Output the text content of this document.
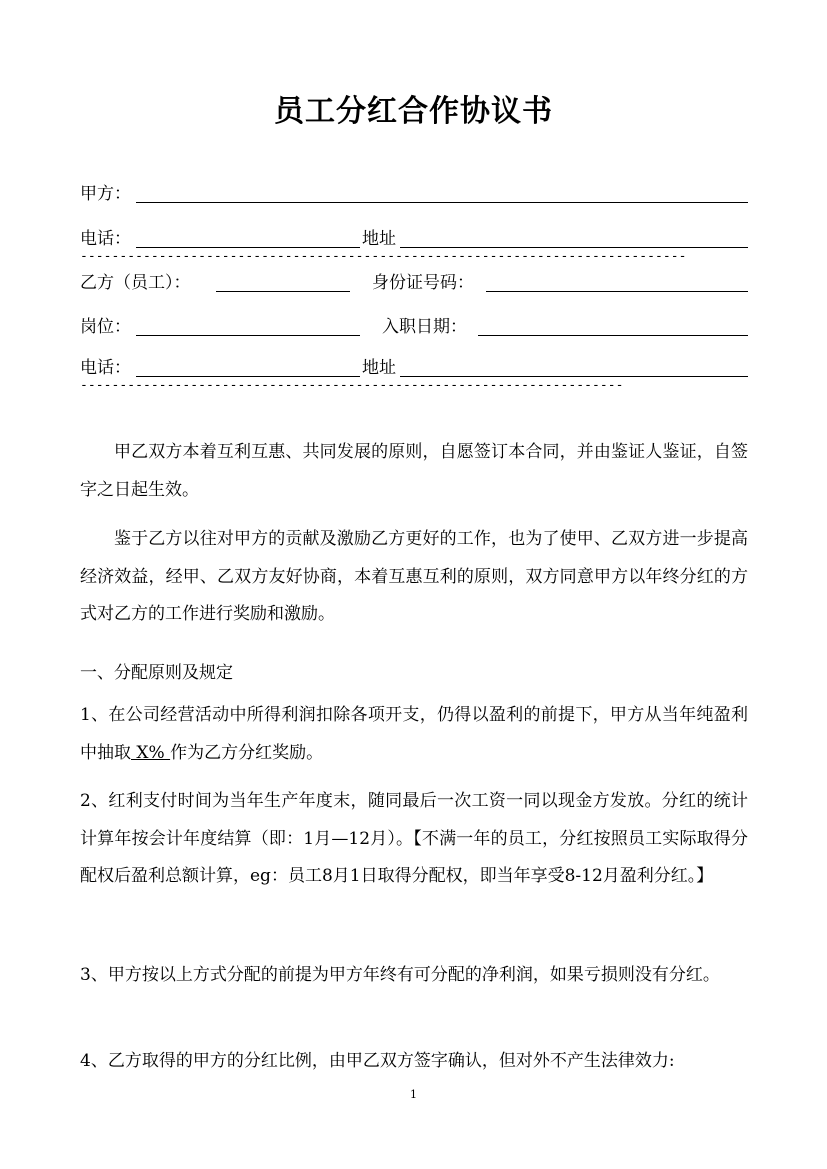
员工分红合作协议书
甲方：
电话：	地址
-----------------------------------------------------------------------------
乙方（员工）：	身份证号码：
岗位：	入职日期：
电话：	地址
---------------------------------------------------------------------
甲乙双方本着互利互惠、共同发展的原则，自愿签订本合同，并由鉴证人鉴证，自签字之日起生效。
鉴于乙方以往对甲方的贡献及激励乙方更好的工作，也为了使甲、乙双方进一步提高经济效益，经甲、乙双方友好协商，本着互惠互利的原则，双方同意甲方以年终分红的方式对乙方的工作进行奖励和激励。
一、分配原则及规定
1、在公司经营活动中所得利润扣除各项开支，仍得以盈利的前提下，甲方从当年纯盈利中抽取 X% 作为乙方分红奖励。
2、红利支付时间为当年生产年度末，随同最后一次工资一同以现金方发放。分红的统计计算年按会计年度结算（即：1月—12月）。【不满一年的员工，分红按照员工实际取得分配权后盈利总额计算，eg：员工8月1日取得分配权，即当年享受8-12月盈利分红。】
3、甲方按以上方式分配的前提为甲方年终有可分配的净利润，如果亏损则没有分红。
4、乙方取得的甲方的分红比例，由甲乙双方签字确认，但对外不产生法律效力:
1
